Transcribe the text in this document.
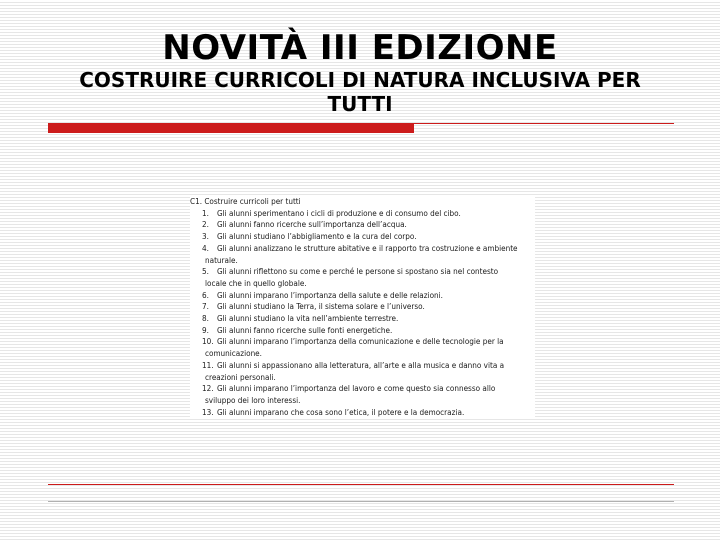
NOVITÀ III EDIZIONE
COSTRUIRE CURRICOLI DI NATURA INCLUSIVA PER TUTTI
C1. Costruire curricoli per tutti
1. Gli alunni sperimentano i cicli di produzione e di consumo del cibo.
2. Gli alunni fanno ricerche sull’importanza dell’acqua.
3. Gli alunni studiano l’abbigliamento e la cura del corpo.
4. Gli alunni analizzano le strutture abitative e il rapporto tra costruzione e ambiente
naturale.
5. Gli alunni riflettono su come e perché le persone si spostano sia nel contesto
locale che in quello globale.
6. Gli alunni imparano l’importanza della salute e delle relazioni.
7. Gli alunni studiano la Terra, il sistema solare e l’universo.
8. Gli alunni studiano la vita nell’ambiente terrestre.
9. Gli alunni fanno ricerche sulle fonti energetiche.
10. Gli alunni imparano l’importanza della comunicazione e delle tecnologie per la
comunicazione.
11. Gli alunni si appassionano alla letteratura, all’arte e alla musica e danno vita a
creazioni personali.
12. Gli alunni imparano l’importanza del lavoro e come questo sia connesso allo
sviluppo dei loro interessi.
13. Gli alunni imparano che cosa sono l’etica, il potere e la democrazia.
